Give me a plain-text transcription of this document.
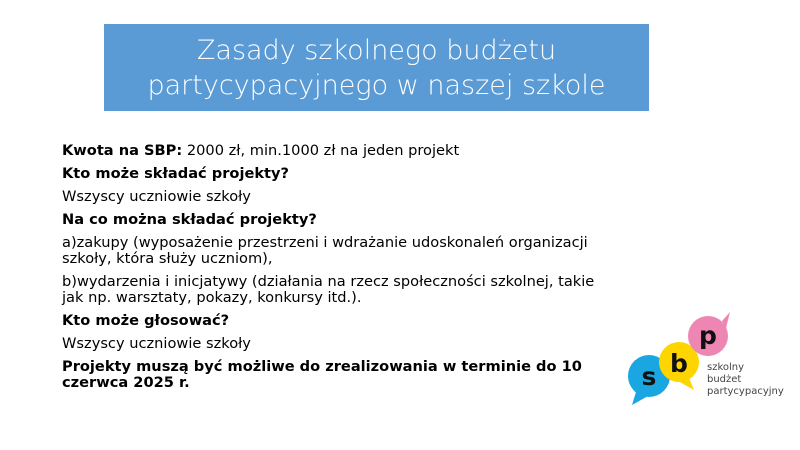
Zasady szkolnego budżetu
partycypacyjnego w naszej szkole

Kwota na SBP: 2000 zł, min.1000 zł na jeden projekt

Kto może składać projekty?

Wszyscy uczniowie szkoły

Na co można składać projekty?

a)zakupy (wyposażenie przestrzeni i wdrażanie udoskonaleń organizacji szkoły, która służy uczniom),

b)wydarzenia i inicjatywy (działania na rzecz społeczności szkolnej, takie jak np. warsztaty, pokazy, konkursy itd.).

Kto może głosować?

Wszyscy uczniowie szkoły

Projekty muszą być możliwe do zrealizowania w terminie do 10 czerwca 2025 r.	s b
p
szkolny
budżet
partycypacyjny
